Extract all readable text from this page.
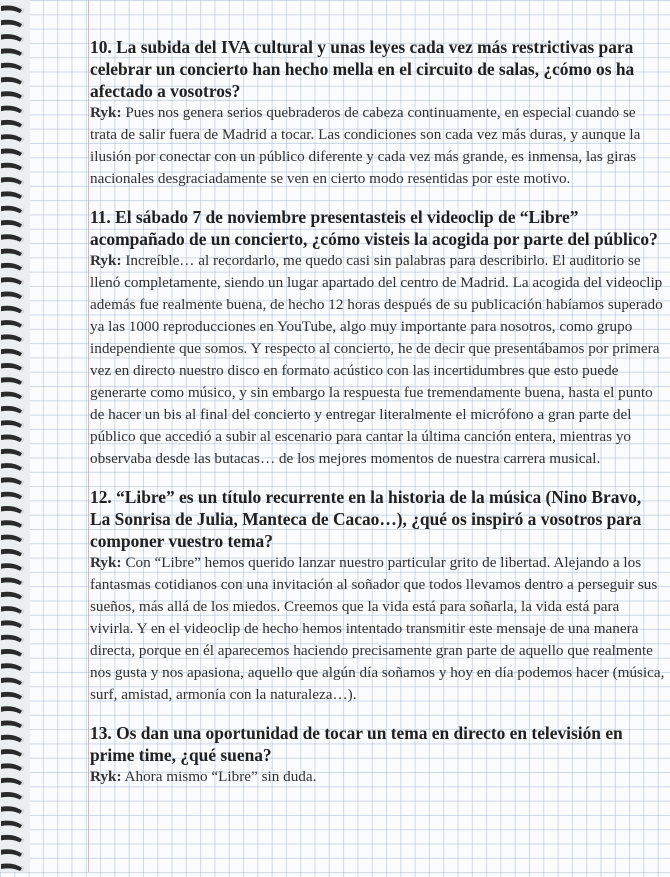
10. La subida del IVA cultural y unas leyes cada vez más restrictivas para celebrar un concierto han hecho mella en el circuito de salas, ¿cómo os ha afectado a vosotros?

Ryk: Pues nos genera serios quebraderos de cabeza continuamente, en especial cuando se trata de salir fuera de Madrid a tocar. Las condiciones son cada vez más duras, y aunque la ilusión por conectar con un público diferente y cada vez más grande, es inmensa, las giras nacionales desgraciadamente se ven en cierto modo resentidas por este motivo.

11. El sábado 7 de noviembre presentasteis el videoclip de “Libre” acompañado de un concierto, ¿cómo visteis la acogida por parte del público?

Ryk: Increíble… al recordarlo, me quedo casi sin palabras para describirlo. El auditorio se llenó completamente, siendo un lugar apartado del centro de Madrid. La acogida del videoclip además fue realmente buena, de hecho 12 horas después de su publicación habíamos superado ya las 1000 reproducciones en YouTube, algo muy importante para nosotros, como grupo independiente que somos. Y respecto al concierto, he de decir que presentábamos por primera vez en directo nuestro disco en formato acústico con las incertidumbres que esto puede generarte como músico, y sin embargo la respuesta fue tremendamente buena, hasta el punto de hacer un bis al final del concierto y entregar literalmente el micrófono a gran parte del público que accedió a subir al escenario para cantar la última canción entera, mientras yo observaba desde las butacas… de los mejores momentos de nuestra carrera musical.

12. “Libre” es un título recurrente en la historia de la música (Nino Bravo, La Sonrisa de Julia, Manteca de Cacao…), ¿qué os inspiró a vosotros para componer vuestro tema?

Ryk: Con “Libre” hemos querido lanzar nuestro particular grito de libertad. Alejando a los fantasmas cotidianos con una invitación al soñador que todos llevamos dentro a perseguir sus sueños, más allá de los miedos. Creemos que la vida está para soñarla, la vida está para vivirla. Y en el videoclip de hecho hemos intentado transmitir este mensaje de una manera directa, porque en él aparecemos haciendo precisamente gran parte de aquello que realmente nos gusta y nos apasiona, aquello que algún día soñamos y hoy en día podemos hacer (música, surf, amistad, armonía con la naturaleza…).

13. Os dan una oportunidad de tocar un tema en directo en televisión en prime time, ¿qué suena?

Ryk: Ahora mismo “Libre” sin duda.
